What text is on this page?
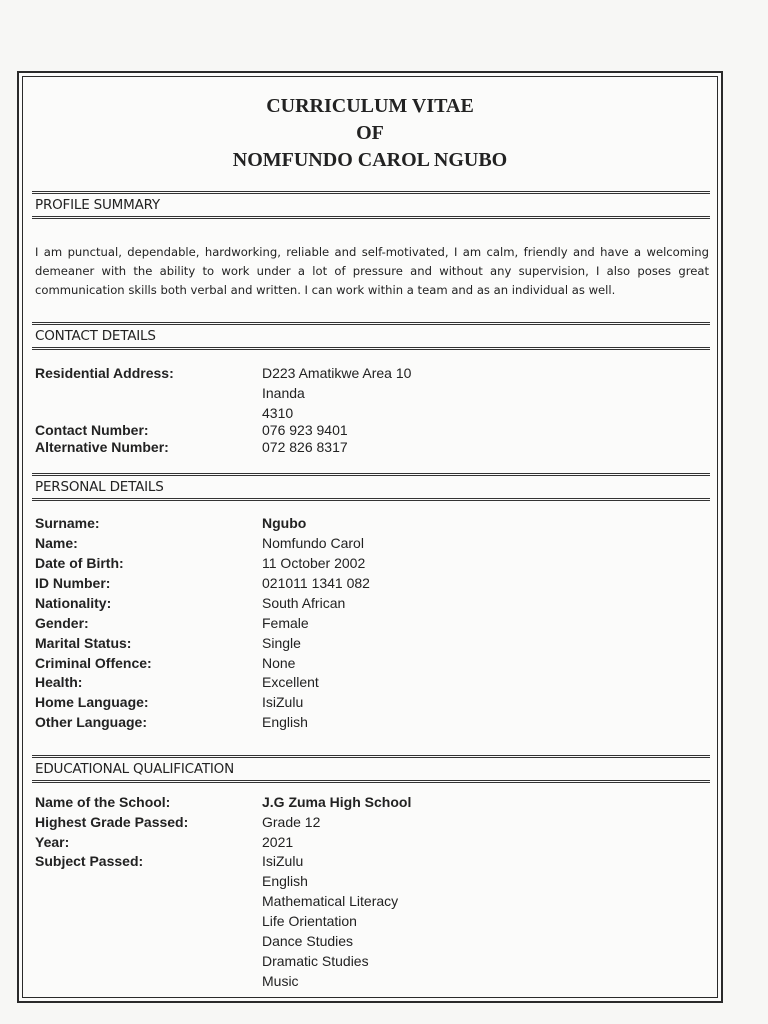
CURRICULUM VITAE
OF
NOMFUNDO CAROL NGUBO
PROFILE SUMMARY
I am punctual, dependable, hardworking, reliable and self-motivated, I am calm, friendly and have a welcoming demeaner with the ability to work under a lot of pressure and without any supervision, I also poses great communication skills both verbal and written. I can work within a team and as an individual as well.
CONTACT DETAILS
Residential Address:	D223 Amatikwe Area 10
Inanda
4310
Contact Number:	076 923 9401
Alternative Number:	072 826 8317
PERSONAL DETAILS
Surname:	Ngubo
Name:	Nomfundo Carol
Date of Birth:	11 October 2002
ID Number:	021011 1341 082
Nationality:	South African
Gender:	Female
Marital Status:	Single
Criminal Offence:	None
Health:	Excellent
Home Language:	IsiZulu
Other Language:	English
EDUCATIONAL QUALIFICATION
Name of the School:	J.G Zuma High School
Highest Grade Passed:	Grade 12
Year:	2021
Subject Passed:	IsiZulu
English
Mathematical Literacy
Life Orientation
Dance Studies
Dramatic Studies
Music
